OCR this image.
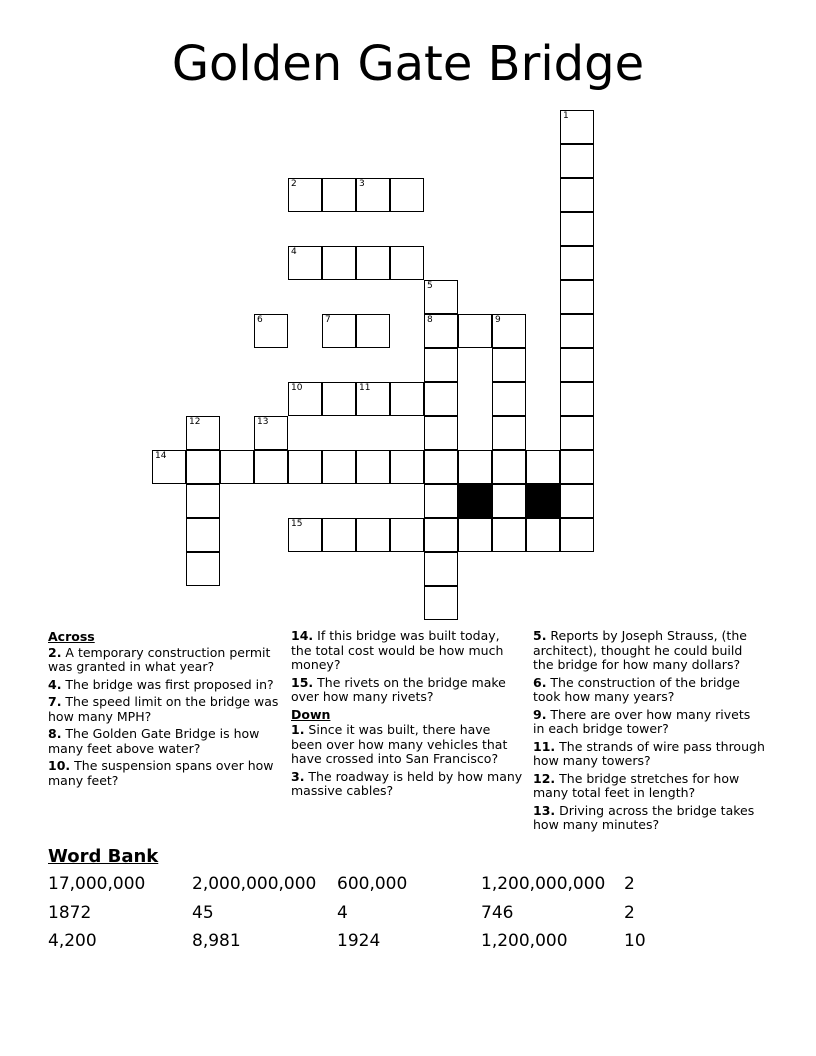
Golden Gate Bridge
1
2	3
4
5
8
6	7	9
10	11
12	13
14
15
Across
2. A temporary construction permit was granted in what year?
4. The bridge was first proposed in?
7. The speed limit on the bridge was how many MPH?
8. The Golden Gate Bridge is how many feet above water?
10. The suspension spans over how many feet?
14. If this bridge was built today, the total cost would be how much money?
15. The rivets on the bridge make over how many rivets?
Down
1. Since it was built, there have been over how many vehicles that have crossed into San Francisco?
3. The roadway is held by how many massive cables?
5. Reports by Joseph Strauss, (the architect), thought he could build the bridge for how many dollars?
6. The construction of the bridge took how many years?
9. There are over how many rivets in each bridge tower?
11. The strands of wire pass through how many towers?
12. The bridge stretches for how many total feet in length?
13. Driving across the bridge takes how many minutes?
Word Bank
17,000,000	2,000,000,000 600,000	1,200,000,000 2
1872	45	4	746	2
4,200	8,981	1924	1,200,000	10
